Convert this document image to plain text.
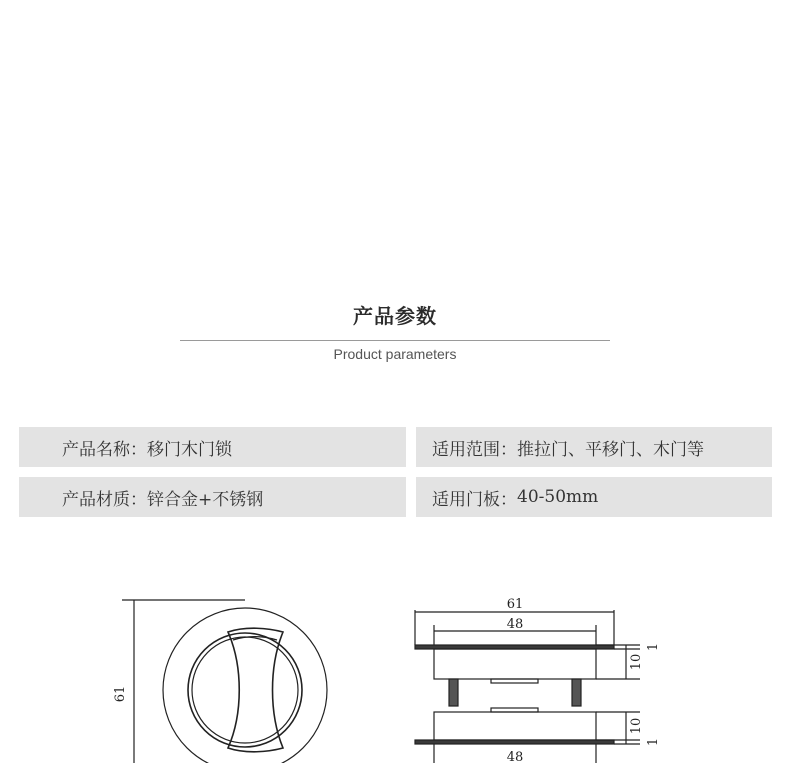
产品参数
Product parameters
产品名称： 移门木门锁	适用范围： 推拉门、平移门、木门等
产品材质： 锌合金+不锈钢	适用门板： 40-50mm
61
61
48
48
10
1
10
1
